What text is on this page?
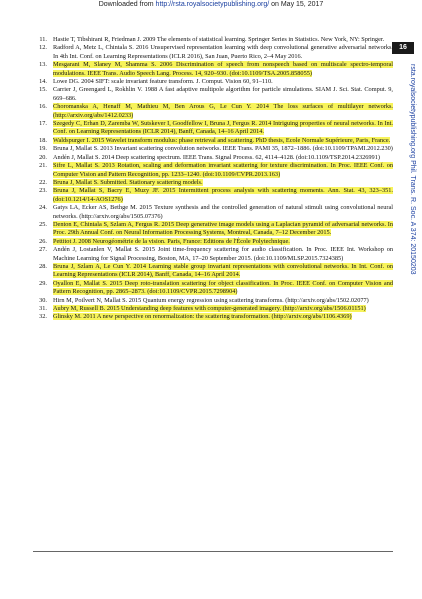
Downloaded from http://rsta.royalsocietypublishing.org/ on May 15, 2017
16
rsta.royalsocietypublishing.org Phil. Trans. R. Soc. A 374: 20150203
11. Hastie T, Tibshirani R, Friedman J. 2009 The elements of statistical learning. Springer Series in Statistics. New York, NY: Springer.
12. Radford A, Metz L, Chintala S. 2016 Unsupervised representation learning with deep convolutional generative adversarial networks. In 4th Int. Conf. on Learning Representations (ICLR 2016), San Juan, Puerto Rico, 2–4 May 2016.
13. Mesgarani M, Slaney M, Shamma S. 2006 Discrimination of speech from nonspeech based on multiscale spectro-temporal modulations. IEEE Trans. Audio Speech Lang. Process. 14, 920–930. (doi:10.1109/TSA.2005.858055)
14. Lowe DG. 2004 SIFT: scale invariant feature transform. J. Comput. Vision 60, 91–110.
15. Carrier J, Greengard L, Rokhlin V. 1988 A fast adaptive multipole algorithm for particle simulations. SIAM J. Sci. Stat. Comput. 9, 669–686.
16. Choromanska A, Henaff M, Mathieu M, Ben Arous G, Le Cun Y. 2014 The loss surfaces of multilayer networks. (http://arxiv.org/abs/1412.0233)
17. Szegedy C, Erhan D, Zaremba W, Sutskever I, Goodfellow I, Bruna J, Fergus R. 2014 Intriguing properties of neural networks. In Int. Conf. on Learning Representations (ICLR 2014), Banff, Canada, 14–16 April 2014.
18. Waldspurger I. 2015 Wavelet transform modulus: phase retrieval and scattering. PhD thesis, Ecole Normale Supérieure, Paris, France.
19. Bruna J, Mallat S. 2013 Invariant scattering convolution networks. IEEE Trans. PAMI 35, 1872–1886. (doi:10.1109/TPAMI.2012.230)
20. Andén J, Mallat S. 2014 Deep scattering spectrum. IEEE Trans. Signal Process. 62, 4114–4128. (doi:10.1109/TSP.2014.2326991)
21. Sifre L, Mallat S. 2013 Rotation, scaling and deformation invariant scattering for texture discrimination. In Proc. IEEE Conf. on Computer Vision and Pattern Recognition, pp. 1233–1240. (doi:10.1109/CVPR.2013.163)
22. Bruna J, Mallat S. Submitted. Stationary scattering models.
23. Bruna J, Mallat S, Bacry E, Muzy JF. 2015 Intermittent process analysis with scattering moments. Ann. Stat. 43, 323–351. (doi:10.1214/14-AOS1276)
24. Gatys LA, Ecker AS, Bethge M. 2015 Texture synthesis and the controlled generation of natural stimuli using convolutional neural networks. (http://arxiv.org/abs/1505.07376)
25. Denton E, Chintala S, Szlam A, Fergus R. 2015 Deep generative image models using a Laplacian pyramid of adversarial networks. In Proc. 29th Annual Conf. on Neural Information Processing Systems, Montreal, Canada, 7–12 December 2015.
26. Pettitot J. 2008 Neurogéométrie de la vision. Paris, France: Editions de l'École Polytechnique.
27. Andén J, Lostanlen V, Mallat S. 2015 Joint time-frequency scattering for audio classification. In Proc. IEEE Int. Workshop on Machine Learning for Signal Processing, Boston, MA, 17–20 September 2015. (doi:10.1109/MLSP.2015.7324385)
28. Bruna J, Szlam A, Le Cun Y. 2014 Learning stable group invariant representations with convolutional networks. In Int. Conf. on Learning Representations (ICLR 2014), Banff, Canada, 14–16 April 2014.
29. Oyallon E, Mallat S. 2015 Deep roto-translation scattering for object classification. In Proc. IEEE Conf. on Computer Vision and Pattern Recognition, pp. 2865–2873. (doi:10.1109/CVPR.2015.7298904)
30. Hirn M, Poilvert N, Mallat S. 2015 Quantum energy regression using scattering transforms. (http://arxiv.org/abs/1502.02077)
31. Aubry M, Russell B. 2015 Understanding deep features with computer-generated imagery. (http://arxiv.org/abs/1506.01151)
32. Glinsky M. 2011 A new perspective on renormalization: the scattering transformation. (http://arxiv.org/abs/1106.4369)
